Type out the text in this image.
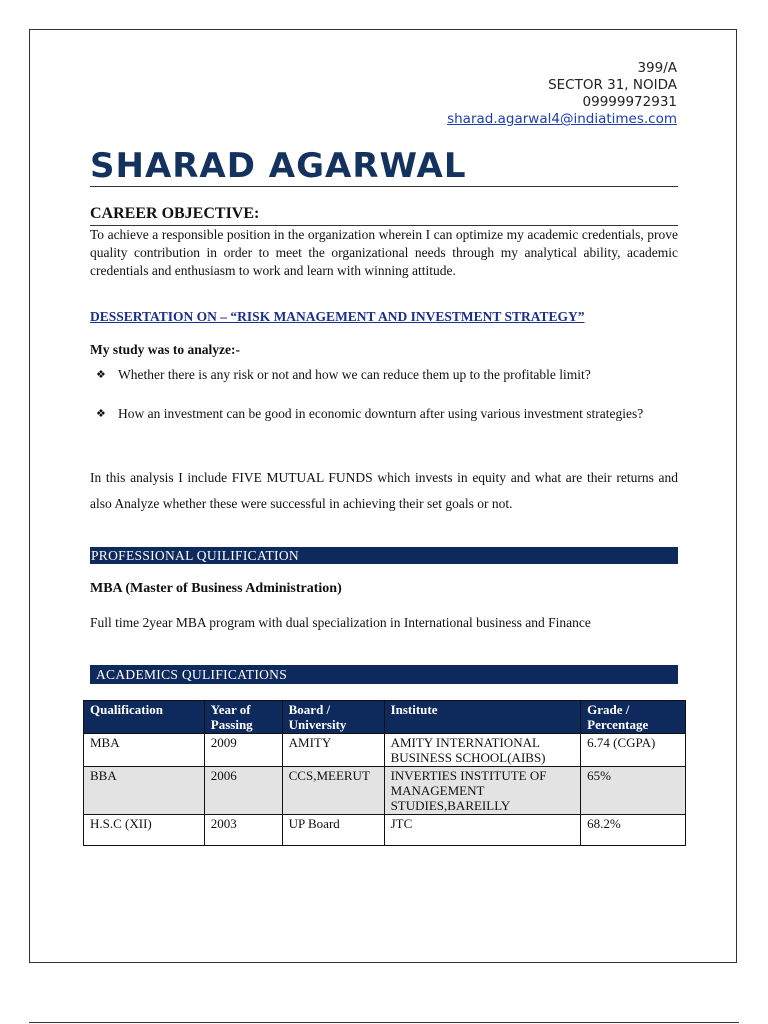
399/A
SECTOR 31, NOIDA
09999972931
sharad.agarwal4@indiatimes.com
SHARAD AGARWAL
CAREER OBJECTIVE:
To achieve a responsible position in the organization wherein I can optimize my academic credentials, prove quality contribution in order to meet the organizational needs through my analytical ability, academic credentials and enthusiasm to work and learn with winning attitude.
DESSERTATION ON – “RISK MANAGEMENT AND INVESTMENT STRATEGY”
My study was to analyze:-
❖ Whether there is any risk or not and how we can reduce them up to the profitable limit?
❖ How an investment can be good in economic downturn after using various investment strategies?
In this analysis I include FIVE MUTUAL FUNDS which invests in equity and what are their returns and also Analyze whether these were successful in achieving their set goals or not.
PROFESSIONAL QUILIFICATION
MBA (Master of Business Administration)
Full time 2year MBA program with dual specialization in International business and Finance
ACADEMICS QULIFICATIONS
Qualification	Year of Passing	Board / University	Institute	Grade / Percentage
MBA	2009	AMITY	AMITY INTERNATIONAL BUSINESS SCHOOL(AIBS)	6.74 (CGPA)
BBA	2006	CCS,MEERUT	INVERTIES INSTITUTE OF MANAGEMENT STUDIES,BAREILLY	65%
H.S.C (XII)	2003	UP Board	JTC	68.2%
